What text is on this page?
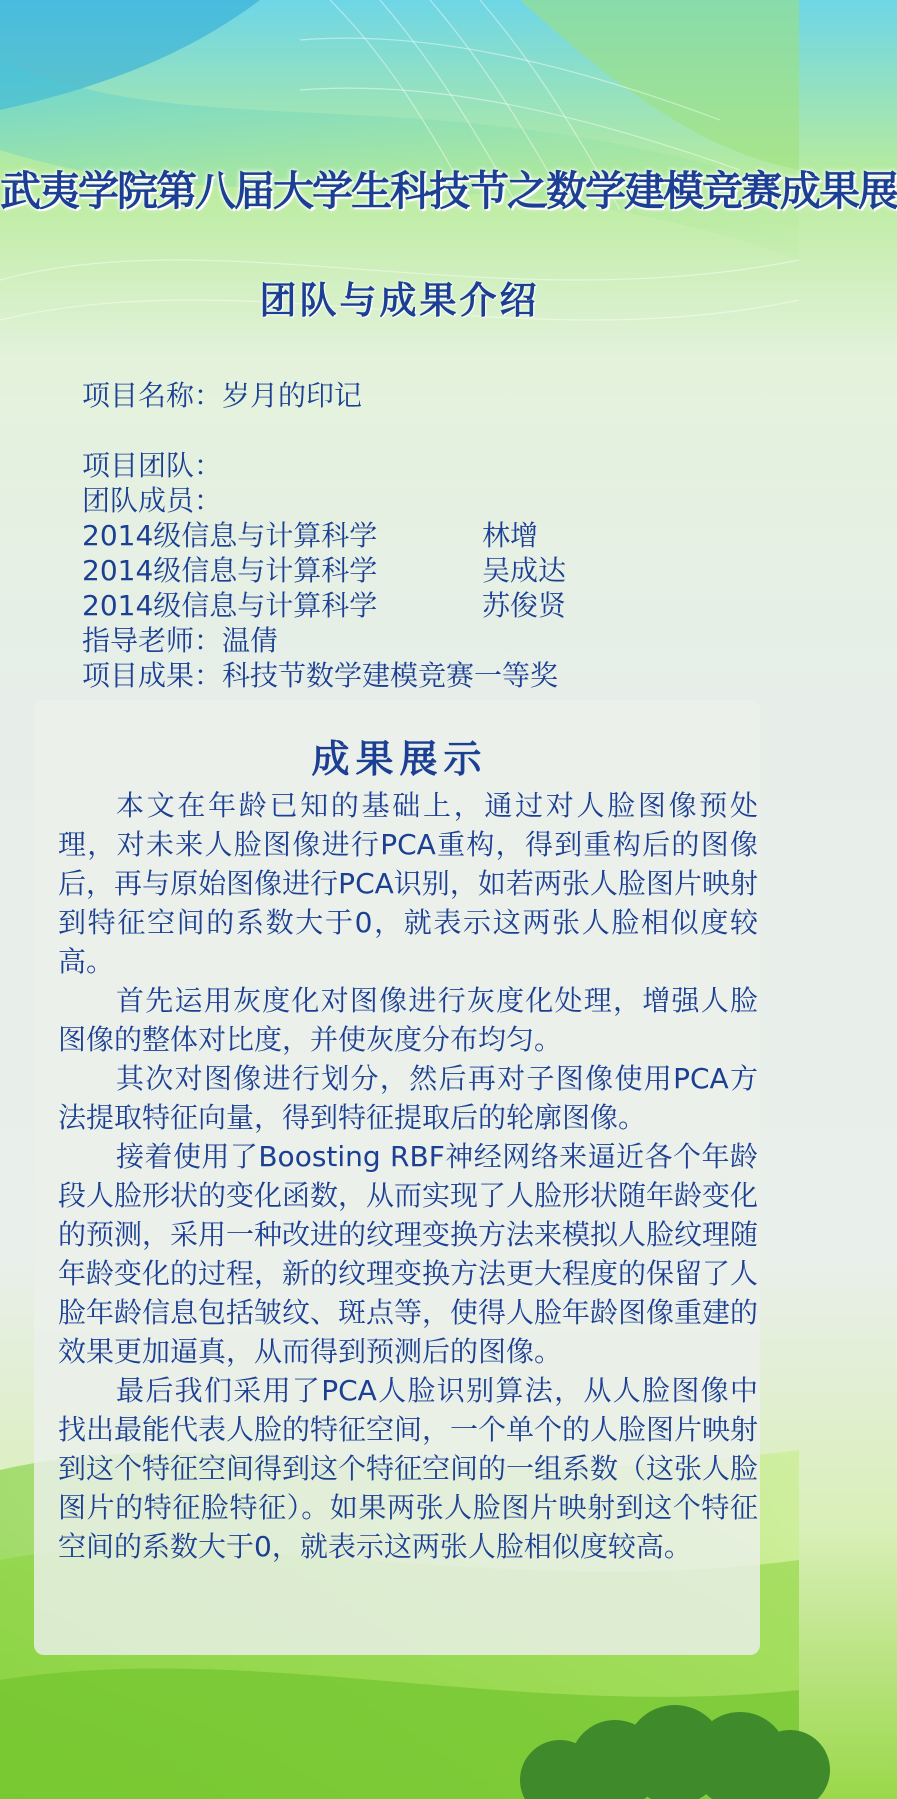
武夷学院第八届大学生科技节之数学建模竞赛成果展
团队与成果介绍
项目名称：岁月的印记
项目团队：
团队成员：
2014级信息与计算科学	林增
2014级信息与计算科学	吴成达
2014级信息与计算科学	苏俊贤
指导老师：温倩
项目成果：科技节数学建模竞赛一等奖
成果展示

本文在年龄已知的基础上，通过对人脸图像预处理，对未来人脸图像进行PCA重构，得到重构后的图像后，再与原始图像进行PCA识别，如若两张人脸图片映射到特征空间的系数大于0，就表示这两张人脸相似度较高。

首先运用灰度化对图像进行灰度化处理，增强人脸图像的整体对比度，并使灰度分布均匀。

其次对图像进行划分，然后再对子图像使用PCA方法提取特征向量，得到特征提取后的轮廓图像。

接着使用了Boosting RBF神经网络来逼近各个年龄段人脸形状的变化函数，从而实现了人脸形状随年龄变化的预测，采用一种改进的纹理变换方法来模拟人脸纹理随年龄变化的过程，新的纹理变换方法更大程度的保留了人脸年龄信息包括皱纹、斑点等，使得人脸年龄图像重建的效果更加逼真，从而得到预测后的图像。

最后我们采用了PCA人脸识别算法，从人脸图像中找出最能代表人脸的特征空间，一个单个的人脸图片映射到这个特征空间得到这个特征空间的一组系数（这张人脸图片的特征脸特征）。如果两张人脸图片映射到这个特征空间的系数大于0，就表示这两张人脸相似度较高。
